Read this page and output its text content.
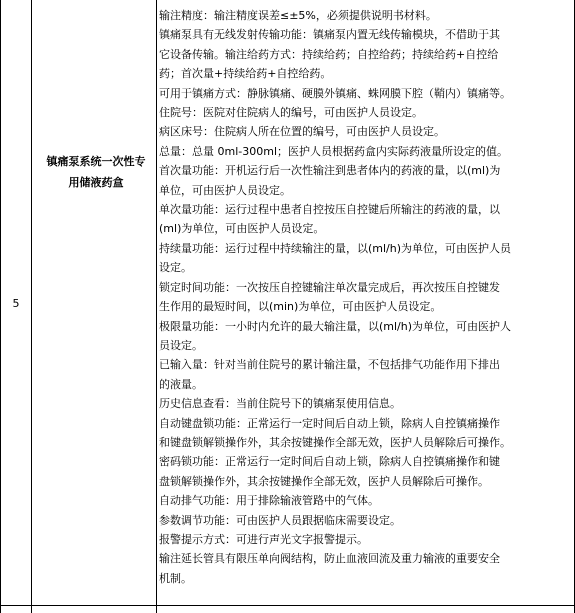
5
镇痛泵系统一次性专
用储液药盒
输注精度：输注精度误差≤±5%，必须提供说明书材料。
镇痛泵具有无线发射传输功能：镇痛泵内置无线传输模块，不借助于其
它设备传输。输注给药方式：持续给药；自控给药；持续给药+自控给
药；首次量+持续给药+自控给药。
可用于镇痛方式：静脉镇痛、硬膜外镇痛、蛛网膜下腔（鞘内）镇痛等。
住院号：医院对住院病人的编号，可由医护人员设定。
病区床号：住院病人所在位置的编号，可由医护人员设定。
总量：总量 0ml-300ml；医护人员根据药盒内实际药液量所设定的值。
首次量功能：开机运行后一次性输注到患者体内的药液的量，以(ml)为
单位，可由医护人员设定。
单次量功能：运行过程中患者自控按压自控键后所输注的药液的量，以
(ml)为单位，可由医护人员设定。
持续量功能：运行过程中持续输注的量，以(ml/h)为单位，可由医护人员
设定。
锁定时间功能：一次按压自控键输注单次量完成后，再次按压自控键发
生作用的最短时间，以(min)为单位，可由医护人员设定。
极限量功能：一小时内允许的最大输注量，以(ml/h)为单位，可由医护人
员设定。
已输入量：针对当前住院号的累计输注量，不包括排气功能作用下排出
的液量。
历史信息查看：当前住院号下的镇痛泵使用信息。
自动键盘锁功能：正常运行一定时间后自动上锁，除病人自控镇痛操作
和键盘锁解锁操作外，其余按键操作全部无效，医护人员解除后可操作。
密码锁功能：正常运行一定时间后自动上锁，除病人自控镇痛操作和键
盘锁解锁操作外，其余按键操作全部无效，医护人员解除后可操作。
自动排气功能：用于排除输液管路中的气体。
参数调节功能：可由医护人员跟据临床需要设定。
报警提示方式：可进行声光文字报警提示。
输注延长管具有限压单向阀结构，防止血液回流及重力输液的重要安全
机制。
